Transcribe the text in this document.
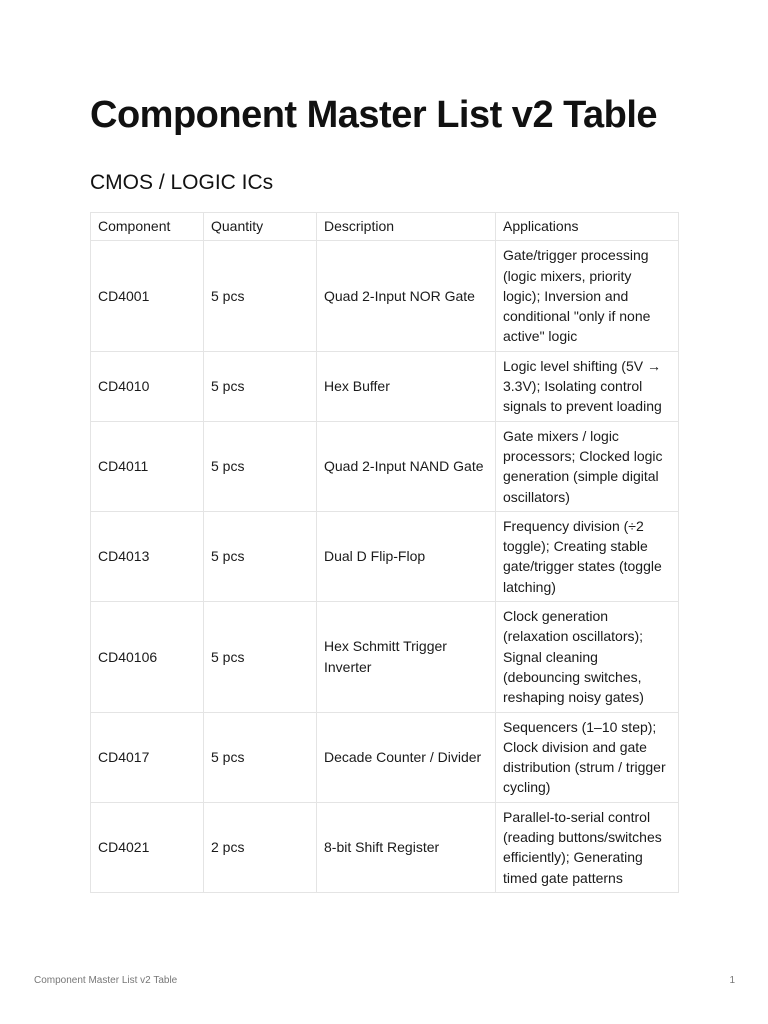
Component Master List v2 Table
CMOS / LOGIC ICs
Component	Quantity	Description	Applications
CD4001	5 pcs	Quad 2-Input NOR Gate	Gate/trigger processing (logic mixers, priority logic); Inversion and conditional "only if none active" logic
CD4010	5 pcs	Hex Buffer	Logic level shifting (5V → 3.3V); Isolating control signals to prevent loading
CD4011	5 pcs	Quad 2-Input NAND Gate	Gate mixers / logic processors; Clocked logic generation (simple digital oscillators)
CD4013	5 pcs	Dual D Flip-Flop	Frequency division (÷2 toggle); Creating stable gate/trigger states (toggle latching)
CD40106	5 pcs	Hex Schmitt Trigger Inverter	Clock generation (relaxation oscillators); Signal cleaning (debouncing switches, reshaping noisy gates)
CD4017	5 pcs	Decade Counter / Divider	Sequencers (1–10 step); Clock division and gate distribution (strum / trigger cycling)
CD4021	2 pcs	8-bit Shift Register	Parallel-to-serial control (reading buttons/switches efficiently); Generating timed gate patterns
Component Master List v2 Table	1
